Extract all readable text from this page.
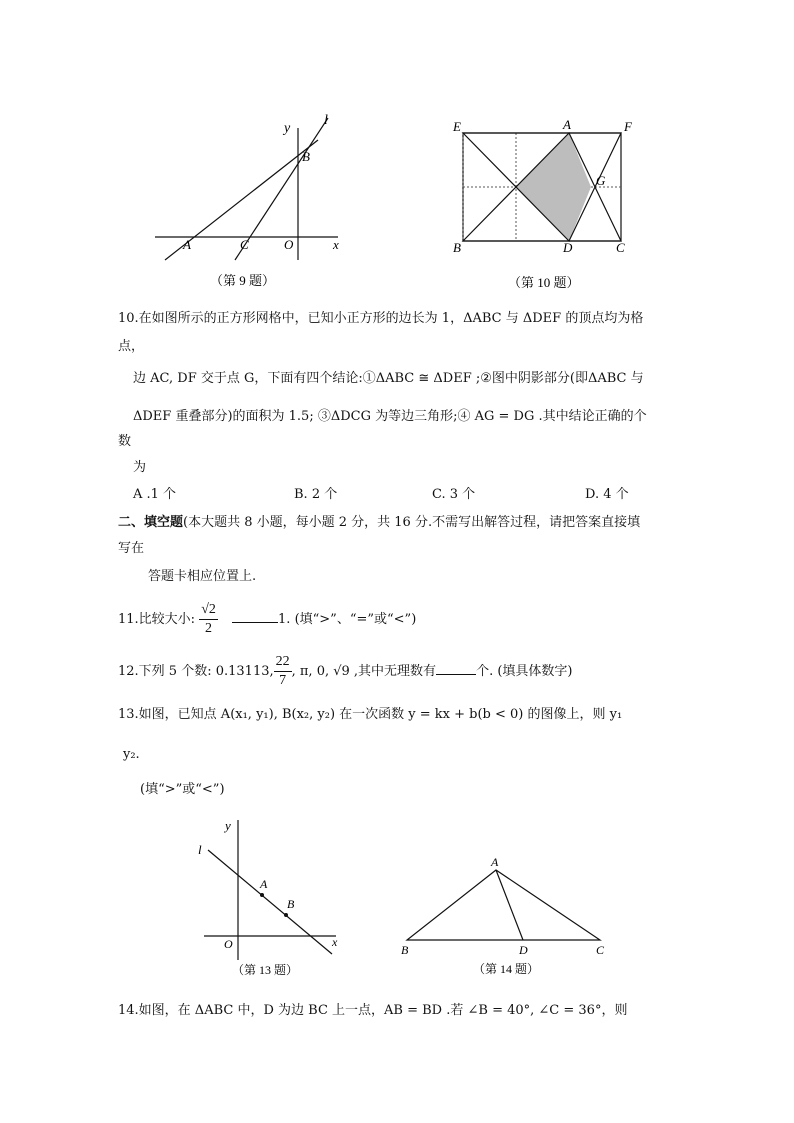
y
l
B
A	C	O	x
（第 9 题）
E	A	F
G
B	D	C
（第 10 题）
10.在如图所示的正方形网格中，已知小正方形的边长为 1，ΔABC 与 ΔDEF 的顶点均为格
点，
边 AC, DF 交于点 G，下面有四个结论:①ΔABC ≅ ΔDEF ;②图中阴影部分(即ΔABC 与
ΔDEF 重叠部分)的面积为 1.5; ③ΔDCG 为等边三角形;④ AG = DG .其中结论正确的个
数
为
A .1 个	B. 2 个	C. 3 个	D. 4 个
二、填空题(本大题共 8 小题，每小题 2 分，共 16 分.不需写出解答过程，请把答案直接填
写在
答题卡相应位置上.
11.比较大小: $\frac{√2}{2}$	1. (填“>”、“=”或“<”)
12.下列 5 个数: 0.13113, $\frac{22}{7}$ , π, 0, √9 ,其中无理数有	个. (填具体数字)
13.如图，已知点 A(x₁, y₁), B(x₂, y₂) 在一次函数 y = kx + b(b < 0) 的图像上，则 y₁
y₂.
(填“>”或“<”)
y
l
A
B
O	x
（第 13 题）
A
B	D	C
（第 14 题）
14.如图，在 ΔABC 中，D 为边 BC 上一点，AB = BD .若 ∠B = 40°, ∠C = 36°，则
